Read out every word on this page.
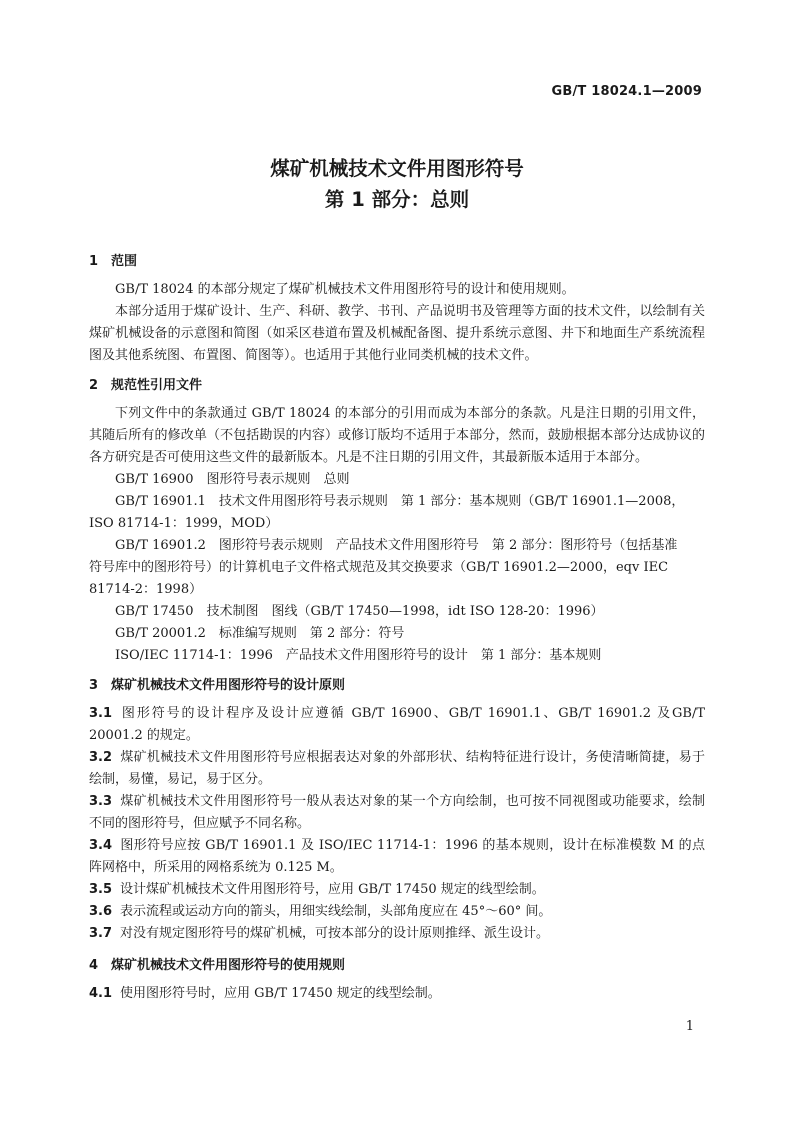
GB/T 18024.1—2009
煤矿机械技术文件用图形符号
第 1 部分：总则
1 范围
GB/T 18024 的本部分规定了煤矿机械技术文件用图形符号的设计和使用规则。
本部分适用于煤矿设计、生产、科研、教学、书刊、产品说明书及管理等方面的技术文件，以绘制有关煤矿机械设备的示意图和简图（如采区巷道布置及机械配备图、提升系统示意图、井下和地面生产系统流程图及其他系统图、布置图、简图等）。也适用于其他行业同类机械的技术文件。
2 规范性引用文件
下列文件中的条款通过 GB/T 18024 的本部分的引用而成为本部分的条款。凡是注日期的引用文件，其随后所有的修改单（不包括勘误的内容）或修订版均不适用于本部分，然而，鼓励根据本部分达成协议的各方研究是否可使用这些文件的最新版本。凡是不注日期的引用文件，其最新版本适用于本部分。
GB/T 16900　图形符号表示规则　总则
GB/T 16901.1　技术文件用图形符号表示规则　第 1 部分：基本规则（GB/T 16901.1—2008，
ISO 81714-1：1999，MOD）
GB/T 16901.2　图形符号表示规则　产品技术文件用图形符号　第 2 部分：图形符号（包括基准
符号库中的图形符号）的计算机电子文件格式规范及其交换要求（GB/T 16901.2—2000，eqv IEC 81714-2：1998）
GB/T 17450　技术制图　图线（GB/T 17450—1998，idt ISO 128-20：1996）
GB/T 20001.2　标准编写规则　第 2 部分：符号
ISO/IEC 11714-1：1996　产品技术文件用图形符号的设计　第 1 部分：基本规则
3 煤矿机械技术文件用图形符号的设计原则
3.1 图形符号的设计程序及设计应遵循 GB/T 16900、GB/T 16901.1、GB/T 16901.2 及GB/T 20001.2 的规定。
3.2 煤矿机械技术文件用图形符号应根据表达对象的外部形状、结构特征进行设计，务使清晰简捷，易于绘制，易懂，易记，易于区分。
3.3 煤矿机械技术文件用图形符号一般从表达对象的某一个方向绘制，也可按不同视图或功能要求，绘制不同的图形符号，但应赋予不同名称。
3.4 图形符号应按 GB/T 16901.1 及 ISO/IEC 11714-1：1996 的基本规则，设计在标准模数 M 的点阵网格中，所采用的网格系统为 0.125 M。
3.5 设计煤矿机械技术文件用图形符号，应用 GB/T 17450 规定的线型绘制。
3.6 表示流程或运动方向的箭头，用细实线绘制，头部角度应在 45°～60° 间。
3.7 对没有规定图形符号的煤矿机械，可按本部分的设计原则推绎、派生设计。
4 煤矿机械技术文件用图形符号的使用规则
4.1 使用图形符号时，应用 GB/T 17450 规定的线型绘制。
1
